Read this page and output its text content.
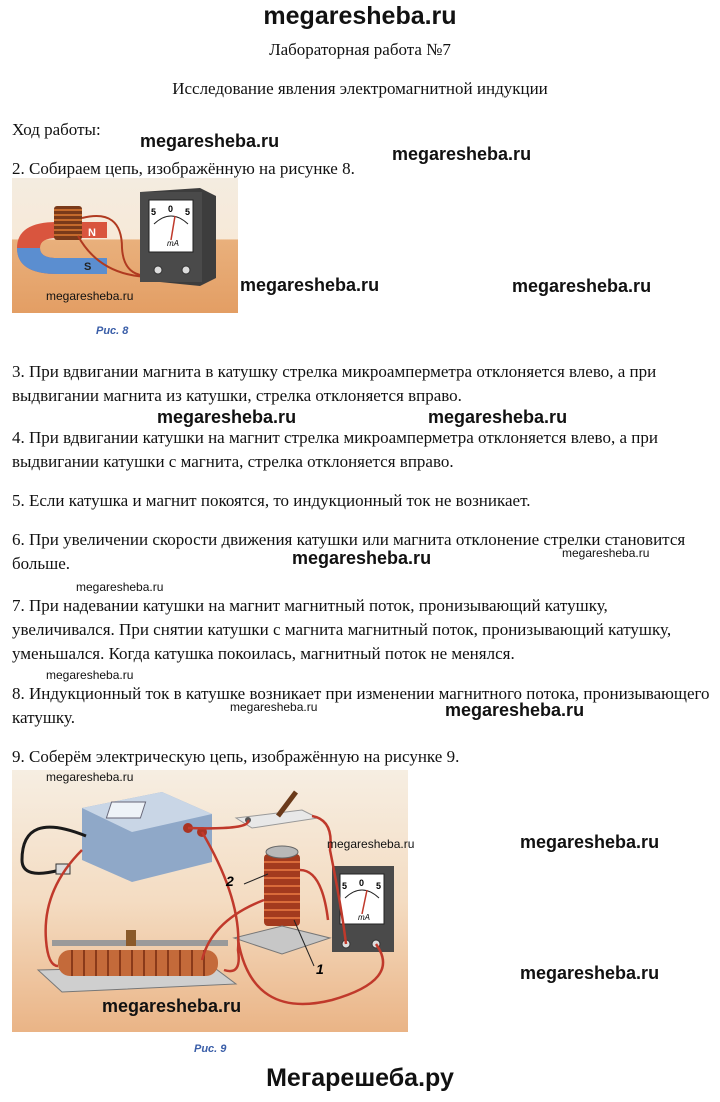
megaresheba.ru
Лабораторная работа №7
Исследование явления электромагнитной индукции
Ход работы:
2. Собираем цепь, изображённую на рисунке 8.
N
S
5 0 5
mA
Рис. 8
3. При вдвигании магнита в катушку стрелка микроамперметра отклоняется влево, а при выдвигании магнита из катушки, стрелка отклоняется вправо.
4. При вдвигании катушки на магнит стрелка микроамперметра отклоняется влево, а при выдвигании катушки с магнита, стрелка отклоняется вправо.
5. Если катушка и магнит покоятся, то индукционный ток не возникает.
6. При увеличении скорости движения катушки или магнита отклонение стрелки становится больше.
7. При надевании катушки на магнит магнитный поток, пронизывающий катушку, увеличивался. При снятии катушки с магнита магнитный поток, пронизывающий катушку, уменьшался. Когда катушка покоилась, магнитный поток не менялся.
8. Индукционный ток в катушке возникает при изменении магнитного потока, пронизывающего катушку.
9. Соберём электрическую цепь, изображённую на рисунке 9.
5 0 5
mA
2
1
Рис. 9
megaresheba.ru
megaresheba.ru
megaresheba.ru	megaresheba.ru
megaresheba.ru	megaresheba.ru
megaresheba.ru
megaresheba.ru
megaresheba.ru
megaresheba.ru
megaresheba.ru
megaresheba.ru
megaresheba.ru
megaresheba.ru
megaresheba.ru
megaresheba.ru
megaresheba.ru
megaresheba.ru
Мегарешеба.ру
